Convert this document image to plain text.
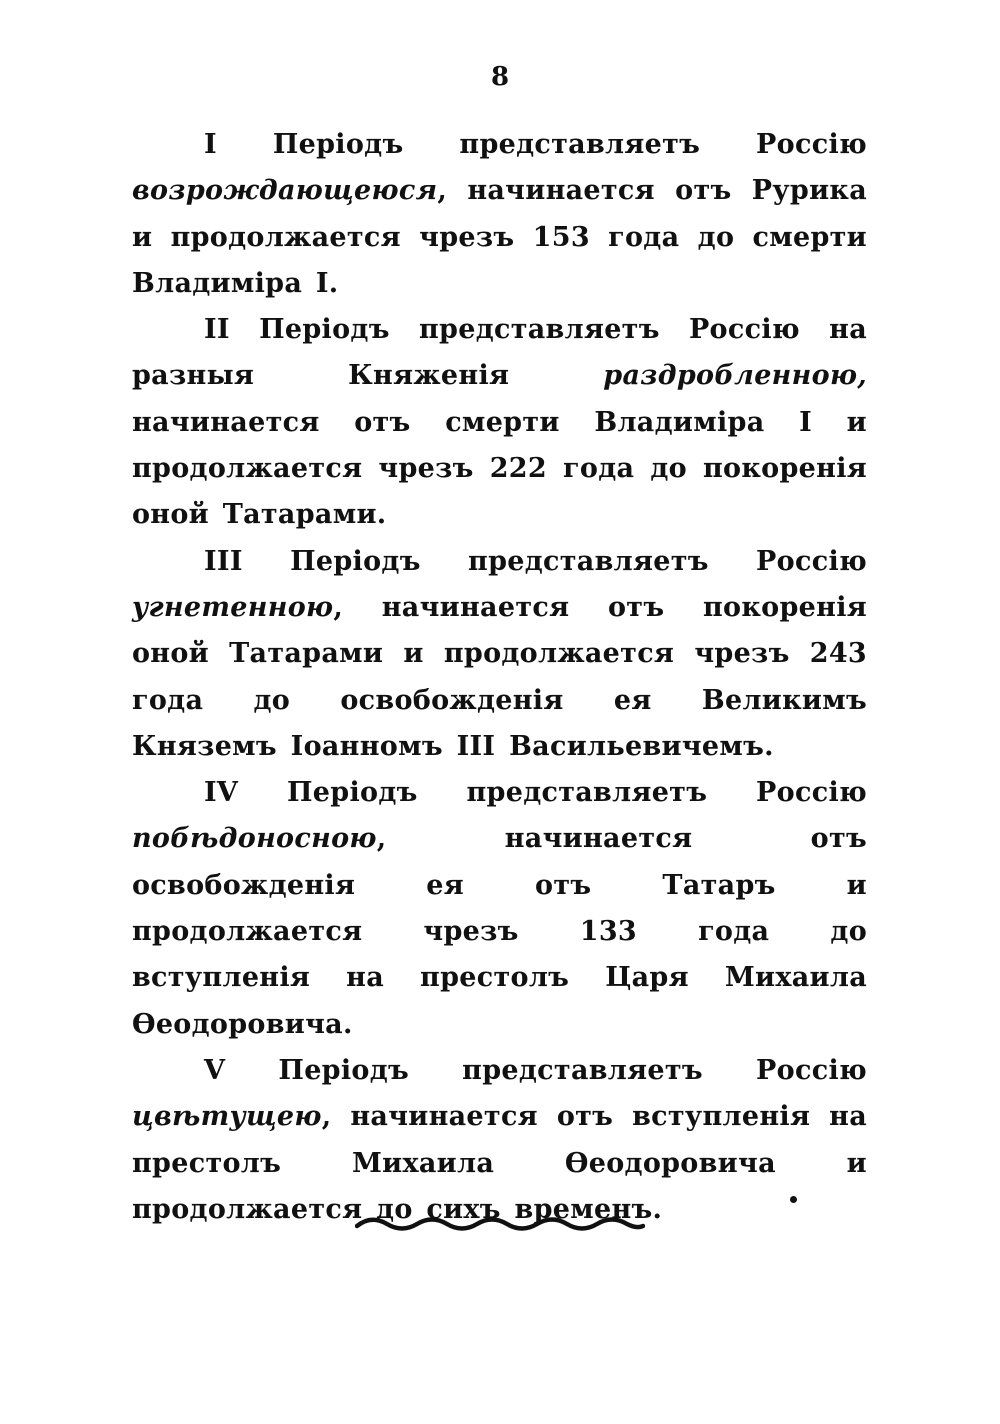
8

I Періодъ представляетъ Россію возрождающеюся, начинается отъ Рурика и продолжается чрезъ 153 года до смерти Владиміра I.

II Періодъ представляетъ Россію на разныя Княженія раздробленною, начинается отъ смерти Владиміра I и продолжается чрезъ 222 года до покоренія оной Татарами.

III Періодъ представляетъ Россію угнетенною, начинается отъ покоренія оной Татарами и продолжается чрезъ 243 года до освобожденія ея Великимъ Княземъ Іоанномъ III Васильевичемъ.

IV Періодъ представляетъ Россію побѣдоносною, начинается отъ освобожденія ея отъ Татаръ и продолжается чрезъ 133 года до вступленія на престолъ Царя Михаила Ѳеодоровича.

V Періодъ представляетъ Россію цвѣтущею, начинается отъ вступленія на престолъ Михаила Ѳеодоровича и продолжается до сихъ временъ.
